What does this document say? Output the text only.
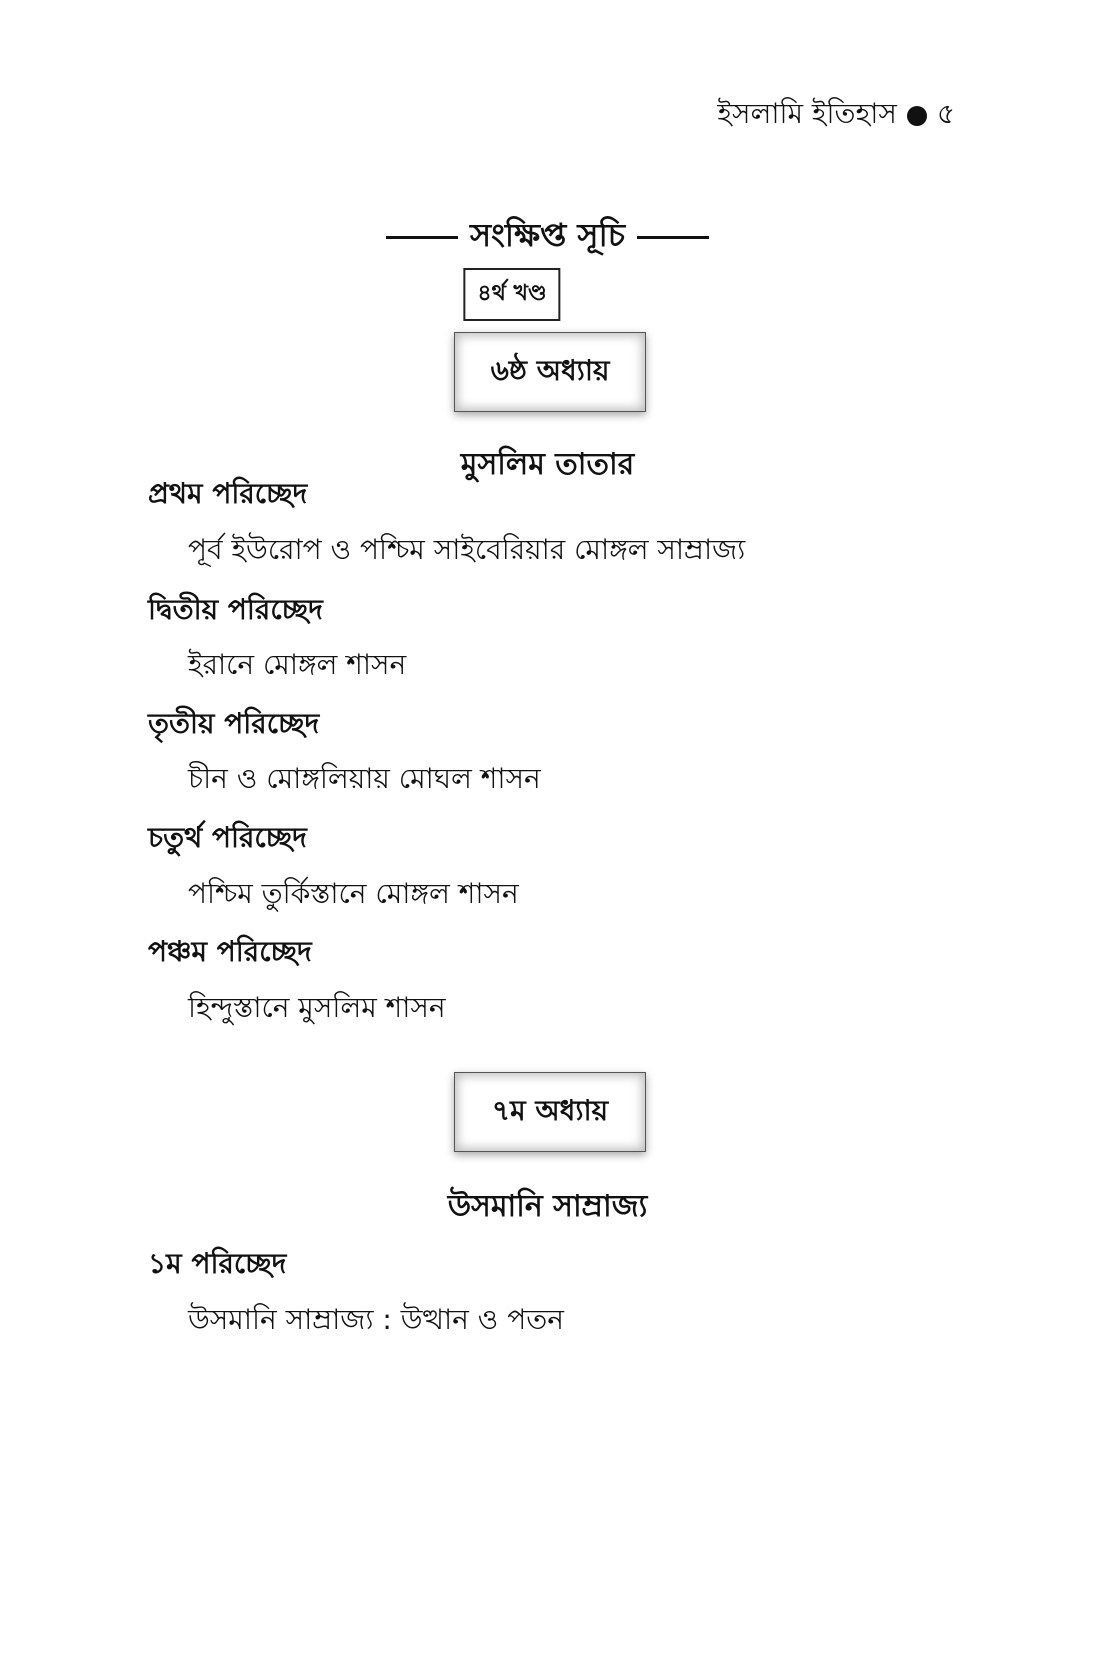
ইসলামি ইতিহাস ৫
সংক্ষিপ্ত সূচি
৪র্থ খণ্ড
৬ষ্ঠ অধ্যায়
মুসলিম তাতার
প্রথম পরিচ্ছেদ
পূর্ব ইউরোপ ও পশ্চিম সাইবেরিয়ার মোঙ্গল সাম্রাজ্য
দ্বিতীয় পরিচ্ছেদ
ইরানে মোঙ্গল শাসন
তৃতীয় পরিচ্ছেদ
চীন ও মোঙ্গলিয়ায় মোঘল শাসন
চতুর্থ পরিচ্ছেদ
পশ্চিম তুর্কিস্তানে মোঙ্গল শাসন
পঞ্চম পরিচ্ছেদ
হিন্দুস্তানে মুসলিম শাসন
৭ম অধ্যায়
উসমানি সাম্রাজ্য
১ম পরিচ্ছেদ
উসমানি সাম্রাজ্য : উত্থান ও পতন
